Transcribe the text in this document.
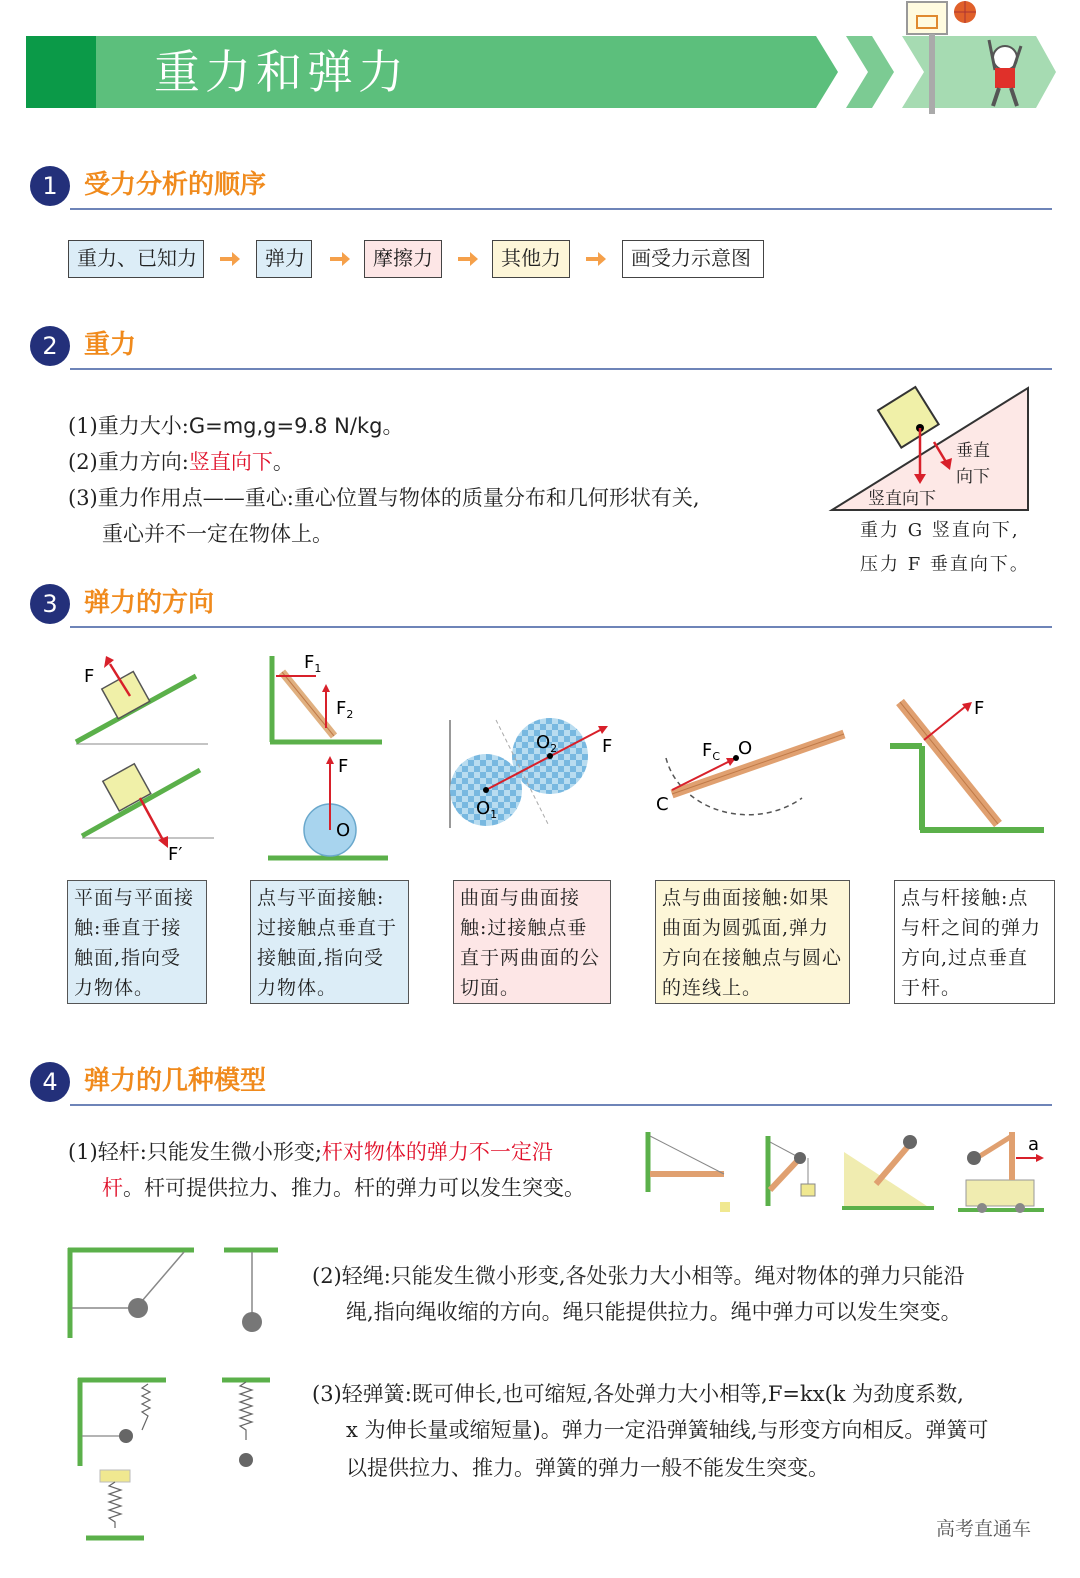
重力和弹力
1	受力分析的顺序
重力、已知力	弹力	摩擦力	其他力	画受力示意图
2	重力
(1)重力大小:G=mg,g=9.8 N/kg。
(2)重力方向:竖直向下。
(3)重力作用点——重心:重心位置与物体的质量分布和几何形状有关,
重心并不一定在物体上。
垂直
向下
竖直向下
重力 G 竖直向下,
压力 F 垂直向下。
3	弹力的方向
F
F′
$F_1$
$F_2$
F
O
$O_1$
$O_2$ F	$F_C$ O
C
F
平面与平面接触:垂直于接触面,指向受力物体。
点与平面接触:过接触点垂直于接触面,指向受力物体。
曲面与曲面接触:过接触点垂直于两曲面的公切面。
点与曲面接触:如果曲面为圆弧面,弹力方向在接触点与圆心的连线上。
点与杆接触:点与杆之间的弹力方向,过点垂直于杆。
4	弹力的几种模型
(1)轻杆:只能发生微小形变;杆对物体的弹力不一定沿
杆。杆可提供拉力、推力。杆的弹力可以发生突变。
a
(2)轻绳:只能发生微小形变,各处张力大小相等。绳对物体的弹力只能沿
绳,指向绳收缩的方向。绳只能提供拉力。绳中弹力可以发生突变。
(3)轻弹簧:既可伸长,也可缩短,各处弹力大小相等,F=kx(k 为劲度系数,
x 为伸长量或缩短量)。弹力一定沿弹簧轴线,与形变方向相反。弹簧可
以提供拉力、推力。弹簧的弹力一般不能发生突变。
高考直通车
